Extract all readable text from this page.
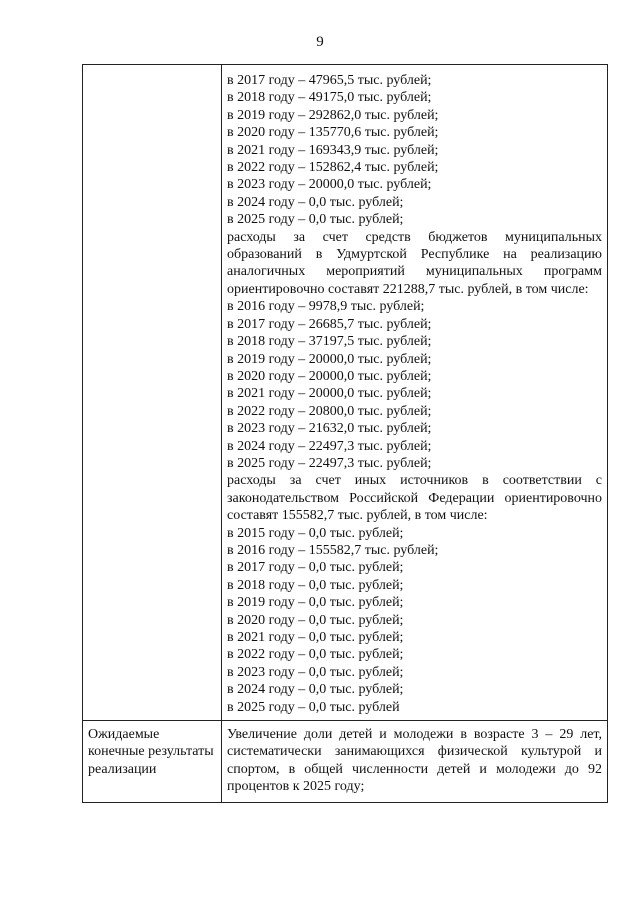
9
в 2017 году – 47965,5 тыс. рублей;
в 2018 году – 49175,0 тыс. рублей;
в 2019 году – 292862,0 тыс. рублей;
в 2020 году – 135770,6 тыс. рублей;
в 2021 году – 169343,9 тыс. рублей;
в 2022 году – 152862,4 тыс. рублей;
в 2023 году – 20000,0 тыс. рублей;
в 2024 году – 0,0 тыс. рублей;
в 2025 году – 0,0 тыс. рублей;
расходы за счет средств бюджетов муниципальных образований в Удмуртской Республике на реализацию аналогичных мероприятий муниципальных программ ориентировочно составят 221288,7 тыс. рублей, в том числе:
в 2016 году – 9978,9 тыс. рублей;
в 2017 году – 26685,7 тыс. рублей;
в 2018 году – 37197,5 тыс. рублей;
в 2019 году – 20000,0 тыс. рублей;
в 2020 году – 20000,0 тыс. рублей;
в 2021 году – 20000,0 тыс. рублей;
в 2022 году – 20800,0 тыс. рублей;
в 2023 году – 21632,0 тыс. рублей;
в 2024 году – 22497,3 тыс. рублей;
в 2025 году – 22497,3 тыс. рублей;
расходы за счет иных источников в соответствии с законодательством Российской Федерации ориентировочно составят 155582,7 тыс. рублей, в том числе:
в 2015 году – 0,0 тыс. рублей;
в 2016 году – 155582,7 тыс. рублей;
в 2017 году – 0,0 тыс. рублей;
в 2018 году – 0,0 тыс. рублей;
в 2019 году – 0,0 тыс. рублей;
в 2020 году – 0,0 тыс. рублей;
в 2021 году – 0,0 тыс. рублей;
в 2022 году – 0,0 тыс. рублей;
в 2023 году – 0,0 тыс. рублей;
в 2024 году – 0,0 тыс. рублей;
в 2025 году – 0,0 тыс. рублей
Ожидаемые конечные результаты реализации
Увеличение доли детей и молодежи в возрасте 3 – 29 лет, систематически занимающихся физической культурой и спортом, в общей численности детей и молодежи до 92 процентов к 2025 году;
